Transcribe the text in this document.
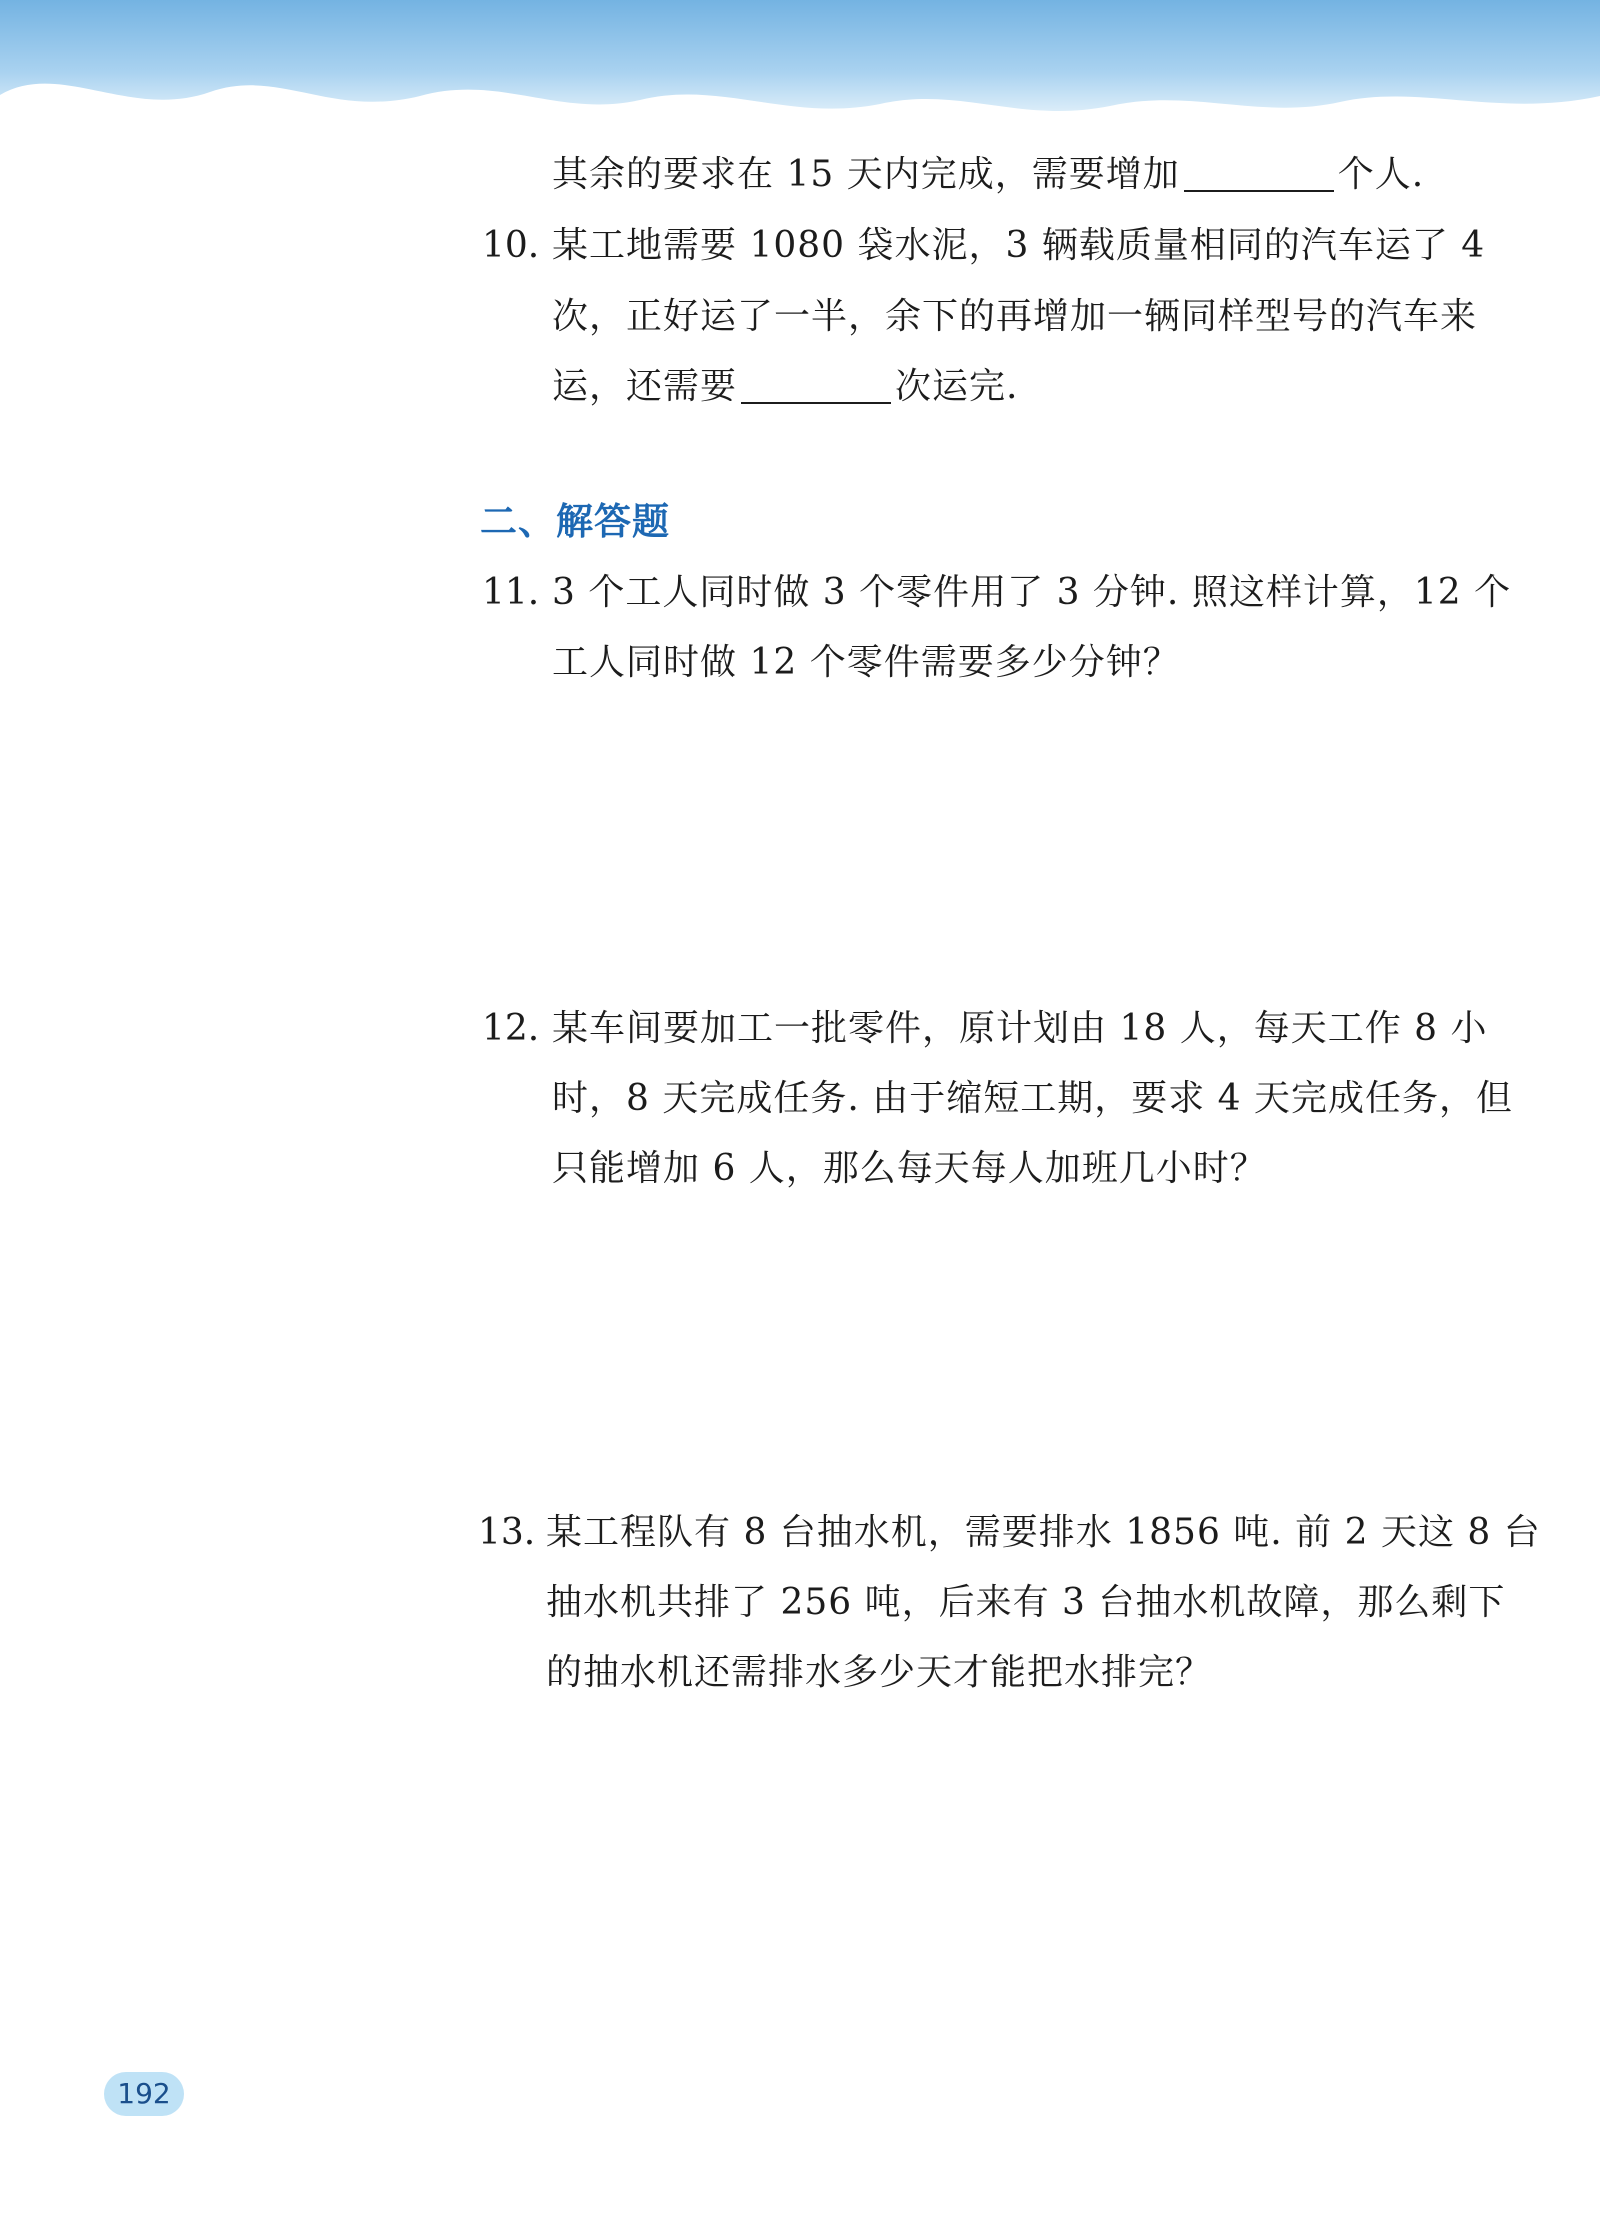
其余的要求在 15 天内完成，需要增加	个人.
10. 某工地需要 1080 袋水泥，3 辆载质量相同的汽车运了 4
次，正好运了一半，余下的再增加一辆同样型号的汽车来
运，还需要	次运完.
二、解答题
11. 3 个工人同时做 3 个零件用了 3 分钟. 照这样计算，12 个
工人同时做 12 个零件需要多少分钟？
12. 某车间要加工一批零件，原计划由 18 人，每天工作 8 小
时，8 天完成任务. 由于缩短工期，要求 4 天完成任务，但
只能增加 6 人，那么每天每人加班几小时？
13. 某工程队有 8 台抽水机，需要排水 1856 吨. 前 2 天这 8 台
抽水机共排了 256 吨，后来有 3 台抽水机故障，那么剩下
的抽水机还需排水多少天才能把水排完？
192
